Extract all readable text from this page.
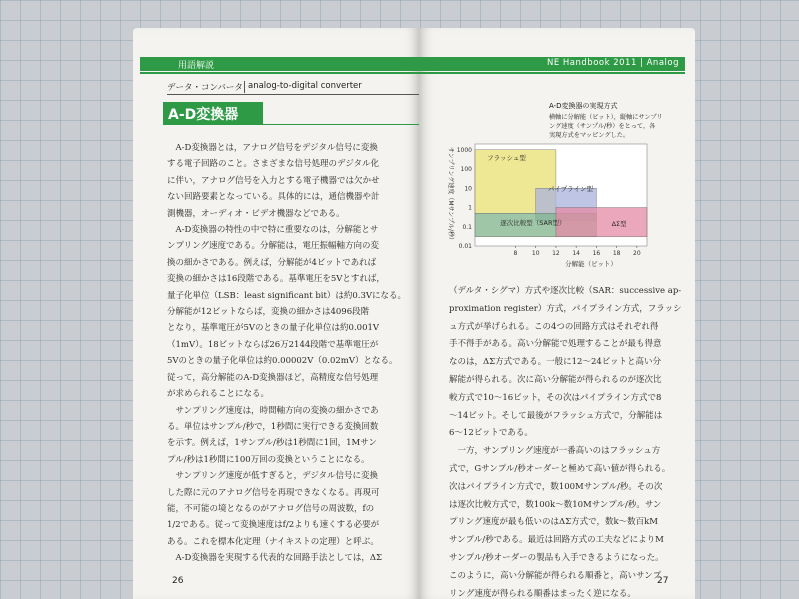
用語解説
データ・コンバータ analog-to-digital converter
A-D変換器

　A-D変換器とは，アナログ信号をデジタル信号に変換

する電子回路のこと。さまざまな信号処理のデジタル化

に伴い，アナログ信号を入力とする電子機器では欠かせ

ない回路要素となっている。具体的には，通信機器や計

測機器，オーディオ・ビデオ機器などである。

　A-D変換器の特性の中で特に重要なのは，分解能とサ

ンプリング速度である。分解能は，電圧振幅軸方向の変

換の細かさである。例えば，分解能が4ビットであれば

変換の細かさは16段階である。基準電圧を5Vとすれば，

量子化単位（LSB：least significant bit）は約0.3Vになる。

分解能が12ビットならば，変換の細かさは4096段階

となり，基準電圧が5Vのときの量子化単位は約0.001V

（1mV）。18ビットならば26万2144段階で基準電圧が

5Vのときの量子化単位は約0.00002V（0.02mV）となる。

従って，高分解能のA-D変換器ほど，高精度な信号処理

が求められることになる。

　サンプリング速度は，時間軸方向の変換の細かさであ

る。単位はサンプル/秒で，1秒間に実行できる変換回数

を示す。例えば，1サンプル/秒は1秒間に1回，1Mサン

プル/秒は1秒間に100万回の変換ということになる。

　サンプリング速度が低すぎると，デジタル信号に変換

した際に元のアナログ信号を再現できなくなる。再現可

能，不可能の境となるのがアナログ信号の周波数，fの

1/2である。従って変換速度はf/2よりも速くする必要が

ある。これを標本化定理（ナイキストの定理）と呼ぶ。

　A-D変換器を実現する代表的な回路手法としては，ΔΣ

26
NE Handbook 2011 | Analog
フラッシュ型
パイプライン型
逐次比較型（SAR型）	ΔΣ型
1000
100
10
1
0.1
0.01
8 10 12 14 16 18 20
分解能（ビット）
サンプリング速度（Mサンプル/秒）
A-D変換器の実現方式
横軸に分解能（ビット），縦軸にサンプリ
ング速度（サンプル/秒）をとって，各
実現方式をマッピングした。

（デルタ・シグマ）方式や逐次比較（SAR：successive ap-

proximation register）方式，パイプライン方式，フラッシ

ュ方式が挙げられる。この4つの回路方式はそれぞれ得

手不得手がある。高い分解能で処理することが最も得意

なのは，ΔΣ方式である。一般に12〜24ビットと高い分

解能が得られる。次に高い分解能が得られるのが逐次比

較方式で10〜16ビット，その次はパイプライン方式で8

〜14ビット。そして最後がフラッシュ方式で，分解能は

6〜12ビットである。

　一方，サンプリング速度が一番高いのはフラッシュ方

式で，Gサンプル/秒オーダーと極めて高い値が得られる。

次はパイプライン方式で，数100Mサンプル/秒。その次

は逐次比較方式で，数100k〜数10Mサンプル/秒。サン

プリング速度が最も低いのはΔΣ方式で，数k〜数百kM

サンプル/秒である。最近は回路方式の工夫などによりM

サンプル/秒オーダーの製品も入手できるようになった。

このように，高い分解能が得られる順番と，高いサンプ

リング速度が得られる順番はまったく逆になる。

27
